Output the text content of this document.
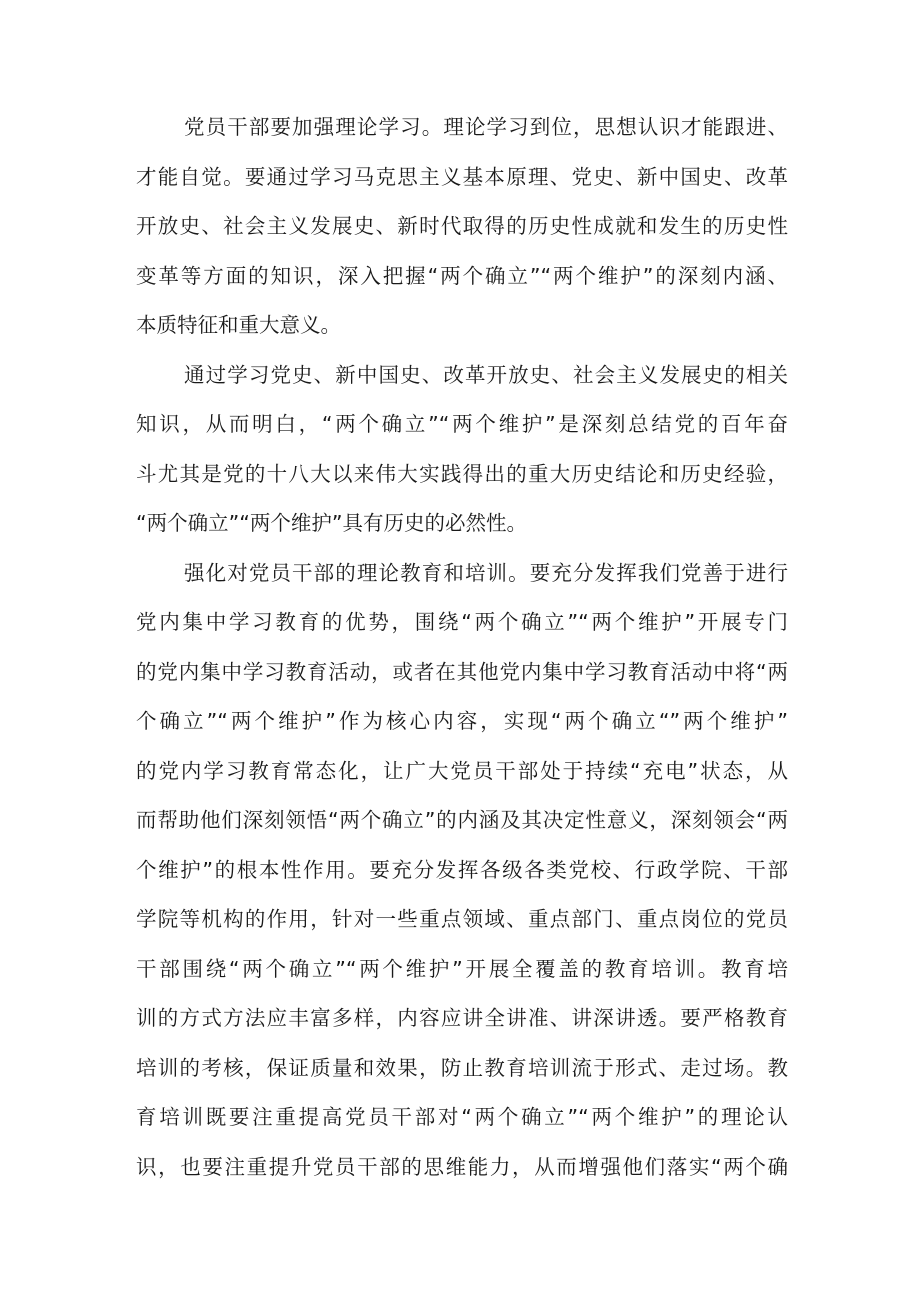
党员干部要加强理论学习。理论学习到位，思想认识才能跟进、
才能自觉。要通过学习马克思主义基本原理、党史、新中国史、改革
开放史、社会主义发展史、新时代取得的历史性成就和发生的历史性
变革等方面的知识，深入把握“两个确立”“两个维护”的深刻内涵、
本质特征和重大意义。

通过学习党史、新中国史、改革开放史、社会主义发展史的相关
知识，从而明白，“两个确立”“两个维护”是深刻总结党的百年奋
斗尤其是党的十八大以来伟大实践得出的重大历史结论和历史经验，
“两个确立”“两个维护”具有历史的必然性。

强化对党员干部的理论教育和培训。要充分发挥我们党善于进行
党内集中学习教育的优势，围绕“两个确立”“两个维护”开展专门
的党内集中学习教育活动，或者在其他党内集中学习教育活动中将“两
个确立”“两个维护”作为核心内容，实现“两个确立“”两个维护”
的党内学习教育常态化，让广大党员干部处于持续“充电”状态，从
而帮助他们深刻领悟“两个确立”的内涵及其决定性意义，深刻领会“两
个维护”的根本性作用。要充分发挥各级各类党校、行政学院、干部
学院等机构的作用，针对一些重点领域、重点部门、重点岗位的党员
干部围绕“两个确立”“两个维护”开展全覆盖的教育培训。教育培
训的方式方法应丰富多样，内容应讲全讲准、讲深讲透。要严格教育
培训的考核，保证质量和效果，防止教育培训流于形式、走过场。教
育培训既要注重提高党员干部对“两个确立”“两个维护”的理论认
识，也要注重提升党员干部的思维能力，从而增强他们落实“两个确
